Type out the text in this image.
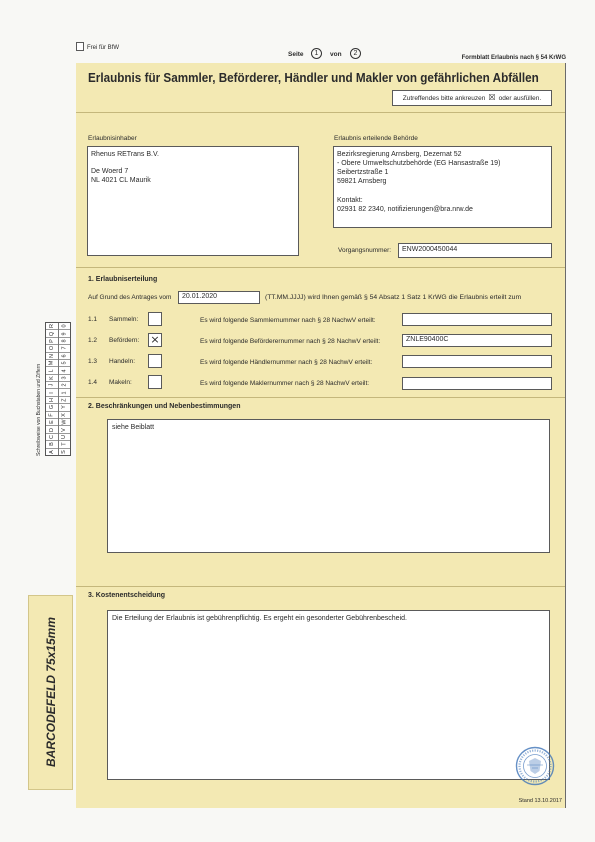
Frei für BfW
Seite	1	von	2
Formblatt Erlaubnis nach § 54 KrWG
Erlaubnis für Sammler, Beförderer, Händler und Makler von gefährlichen Abfällen
Zutreffendes bitte ankreuzen ☒ oder ausfüllen.
Erlaubnisinhaber
Rhenus RETrans B.V.
De Woerd 7
NL 4021 CL Maurik
Erlaubnis erteilende Behörde
Bezirksregierung Arnsberg, Dezernat 52
- Obere Umweltschutzbehörde (EG Hansastraße 19)
Seibertzstraße 1
59821 Arnsberg
Kontakt:
02931 82 2340, notifizierungen@bra.nrw.de
Vorgangsnummer: ENW2000450044
1. Erlaubniserteilung
Auf Grund des Antrages vom 20.01.2020	(TT.MM.JJJJ) wird Ihnen gemäß § 54 Absatz 1 Satz 1 KrWG die Erlaubnis erteilt zum
1.1 Sammeln:	Es wird folgende Sammlernummer nach § 28 NachwV erteilt:
1.2 Befördern: ×	Es wird folgende Beförderernummer nach § 28 NachwV erteilt:	ZNLE90400C
1.3 Handeln:	Es wird folgende Händlernummer nach § 28 NachwV erteilt:
1.4 Makeln:	Es wird folgende Maklernummer nach § 28 NachwV erteilt:
2. Beschränkungen und Nebenbestimmungen
siehe Beiblatt
3. Kostenentscheidung
Die Erteilung der Erlaubnis ist gebührenpflichtig. Es ergeht ein gesonderter Gebührenbescheid.
Schreibweise von Buchstaben und Ziffern A
B
C
D
E
F
G
H
I
J
K
L
M
N
O
P
Q
R
S
T
U
V
W
X
Y
Z
1
2
3
4
5
6
7
8
9
0
BARCODEFELD 75x15mm
Stand 13.10.2017
